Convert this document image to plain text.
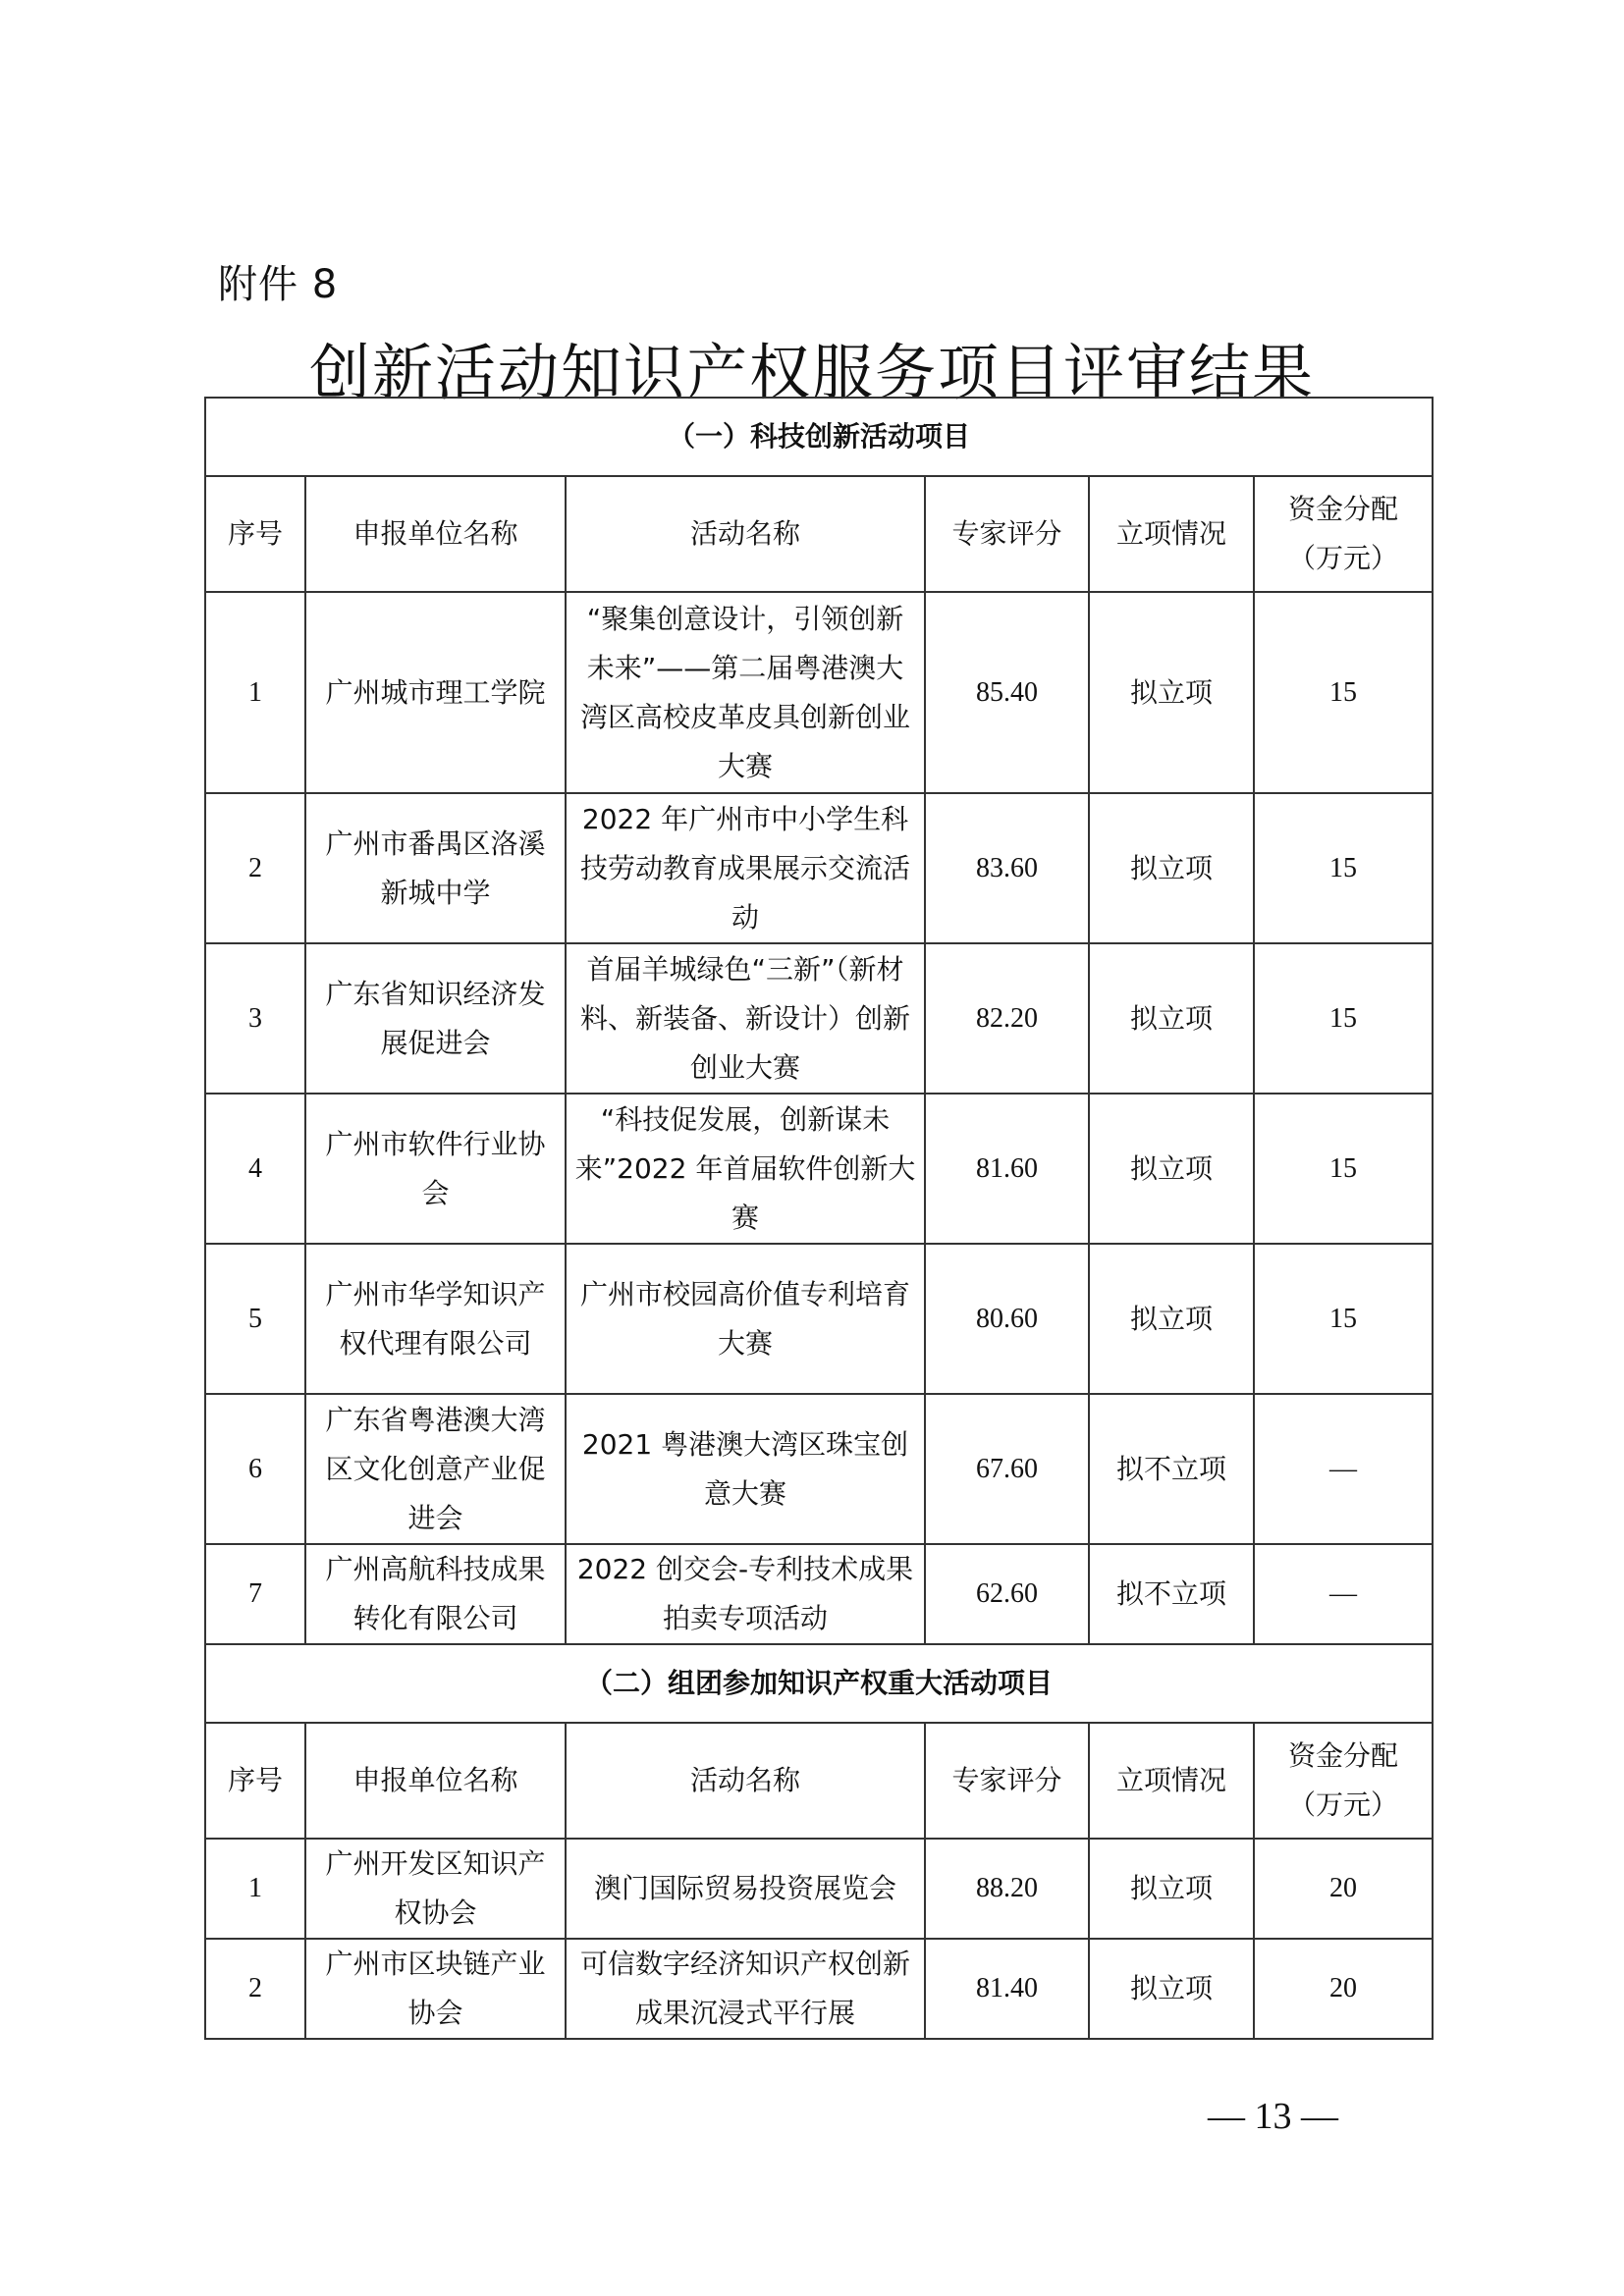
附件 8
创新活动知识产权服务项目评审结果
（一）科技创新活动项目					
序号	申报单位名称	活动名称	专家评分	立项情况	资金分配（万元）
1	广州城市理工学院	“聚集创意设计，引领创新未来”——第二届粤港澳大湾区高校皮革皮具创新创业大赛	85.40	拟立项	15
2	广州市番禺区洛溪新城中学	2022 年广州市中小学生科技劳动教育成果展示交流活动	83.60	拟立项	15
3	广东省知识经济发展促进会	首届羊城绿色“三新”（新材料、新装备、新设计）创新创业大赛	82.20	拟立项	15
4	广州市软件行业协会	“科技促发展，创新谋未来”2022 年首届软件创新大赛	81.60	拟立项	15
5	广州市华学知识产权代理有限公司	广州市校园高价值专利培育大赛	80.60	拟立项	15
6	广东省粤港澳大湾区文化创意产业促进会	2021 粤港澳大湾区珠宝创意大赛	67.60	拟不立项	—
7	广州高航科技成果转化有限公司	2022 创交会-专利技术成果拍卖专项活动	62.60	拟不立项	—
（二）组团参加知识产权重大活动项目					
序号	申报单位名称	活动名称	专家评分	立项情况	资金分配（万元）
1	广州开发区知识产权协会	澳门国际贸易投资展览会	88.20	拟立项	20
2	广州市区块链产业协会	可信数字经济知识产权创新成果沉浸式平行展	81.40	拟立项	20
— 13 —
